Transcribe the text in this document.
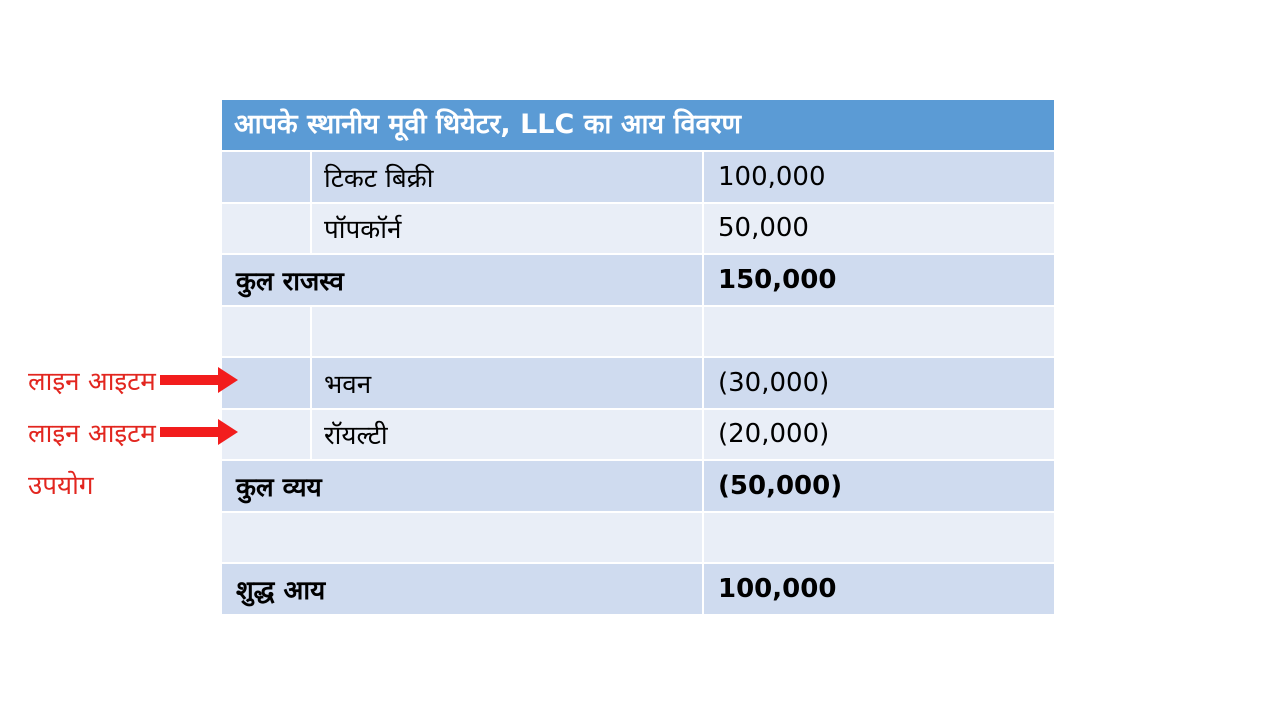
आपके स्थानीय मूवी थियेटर, LLC का आय विवरण
टिकट बिक्री	100,000
पॉपकॉर्न	50,000
कुल राजस्व	150,000
भवन	(30,000)
रॉयल्टी	(20,000)
कुल व्यय	(50,000)
शुद्ध आय	100,000
लाइन आइटम
लाइन आइटम
उपयोग
